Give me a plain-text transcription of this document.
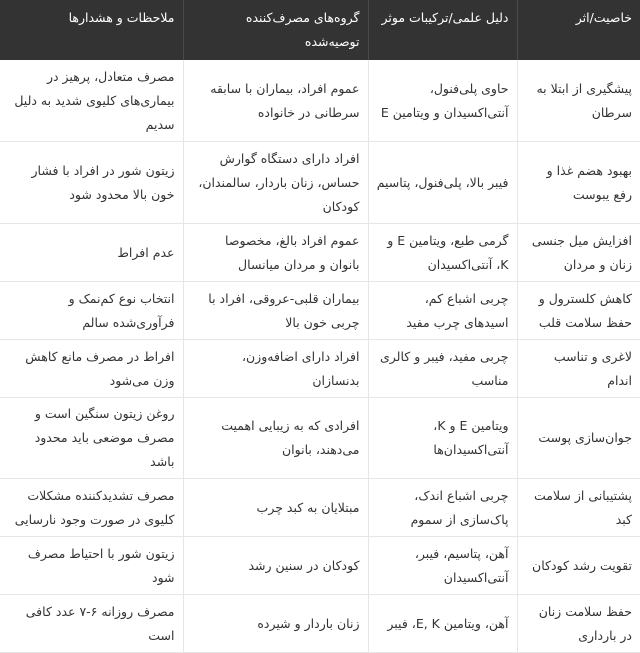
خاصیت/اثر	دلیل علمی/ترکیبات موثر	گروه‌های مصرف‌کننده توصیه‌شده	ملاحظات و هشدارها
پیشگیری از ابتلا به سرطان	حاوی پلی‌فنول، آنتی‌اکسیدان و ویتامین E	عموم افراد، بیماران با سابقه سرطانی در خانواده	مصرف متعادل، پرهیز در بیماری‌های کلیوی شدید به دلیل سدیم
بهبود هضم غذا و رفع یبوست	فیبر بالا، پلی‌فنول، پتاسیم	افراد دارای دستگاه گوارش حساس، زنان باردار، سالمندان، کودکان	زیتون شور در افراد با فشار خون بالا محدود شود
افزایش میل جنسی زنان و مردان	گرمی طبع، ویتامین E و K، آنتی‌اکسیدان	عموم افراد بالغ، مخصوصا بانوان و مردان میانسال	عدم افراط
کاهش کلسترول و حفظ سلامت قلب	چربی اشباع کم، اسیدهای چرب مفید	بیماران قلبی-عروقی، افراد با چربی خون بالا	انتخاب نوع کم‌نمک و فرآوری‌شده سالم
لاغری و تناسب اندام	چربی مفید، فیبر و کالری مناسب	افراد دارای اضافه‌وزن، بدنسازان	افراط در مصرف مانع کاهش وزن می‌شود
جوان‌سازی پوست	ویتامین E و K، آنتی‌اکسیدان‌ها	افرادی که به زیبایی اهمیت می‌دهند، بانوان	روغن زیتون سنگین است و مصرف موضعی باید محدود باشد
پشتیبانی از سلامت کبد	چربی اشباع اندک، پاک‌سازی از سموم	مبتلایان به کبد چرب	مصرف تشدیدکننده مشکلات کلیوی در صورت وجود نارسایی
تقویت رشد کودکان	آهن، پتاسیم، فیبر، آنتی‌اکسیدان	کودکان در سنین رشد	زیتون شور با احتیاط مصرف شود
حفظ سلامت زنان در بارداری	آهن، ویتامین E, K، فیبر	زنان باردار و شیرده	مصرف روزانه ۶-۷ عدد کافی است
